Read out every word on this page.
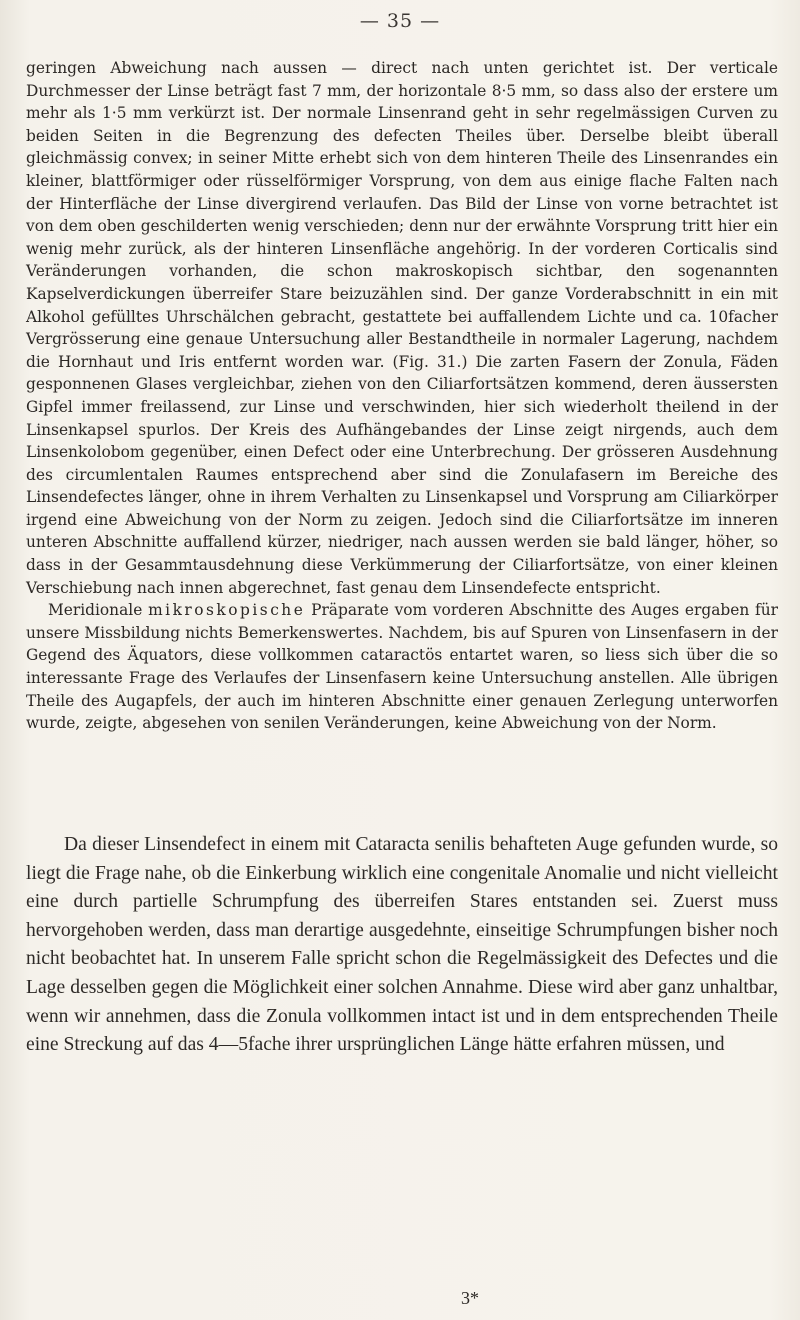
— 35 —

geringen Abweichung nach aussen — direct nach unten gerichtet ist. Der verticale Durchmesser der Linse beträgt fast 7 mm, der horizontale 8·5 mm, so dass also der erstere um mehr als 1·5 mm verkürzt ist. Der normale Linsenrand geht in sehr regelmässigen Curven zu beiden Seiten in die Begrenzung des defecten Theiles über. Derselbe bleibt überall gleichmässig convex; in seiner Mitte erhebt sich von dem hinteren Theile des Linsenrandes ein kleiner, blattförmiger oder rüsselförmiger Vorsprung, von dem aus einige flache Falten nach der Hinterfläche der Linse divergirend verlaufen. Das Bild der Linse von vorne betrachtet ist von dem oben geschilderten wenig verschieden; denn nur der erwähnte Vorsprung tritt hier ein wenig mehr zurück, als der hinteren Linsenfläche angehörig. In der vorderen Corticalis sind Veränderungen vorhanden, die schon makroskopisch sichtbar, den sogenannten Kapselverdickungen überreifer Stare beizuzählen sind. Der ganze Vorderabschnitt in ein mit Alkohol gefülltes Uhrschälchen gebracht, gestattete bei auffallendem Lichte und ca. 10facher Vergrösserung eine genaue Untersuchung aller Bestandtheile in normaler Lagerung, nachdem die Hornhaut und Iris entfernt worden war. (Fig. 31.) Die zarten Fasern der Zonula, Fäden gesponnenen Glases vergleichbar, ziehen von den Ciliarfortsätzen kommend, deren äussersten Gipfel immer freilassend, zur Linse und verschwinden, hier sich wiederholt theilend in der Linsenkapsel spurlos. Der Kreis des Aufhängebandes der Linse zeigt nirgends, auch dem Linsenkolobom gegenüber, einen Defect oder eine Unterbrechung. Der grösseren Ausdehnung des circumlentalen Raumes entsprechend aber sind die Zonulafasern im Bereiche des Linsendefectes länger, ohne in ihrem Verhalten zu Linsenkapsel und Vorsprung am Ciliarkörper irgend eine Abweichung von der Norm zu zeigen. Jedoch sind die Ciliarfortsätze im inneren unteren Abschnitte auffallend kürzer, niedriger, nach aussen werden sie bald länger, höher, so dass in der Gesammtausdehnung diese Verkümmerung der Ciliarfortsätze, von einer kleinen Verschiebung nach innen abgerechnet, fast genau dem Linsendefecte entspricht.

Meridionale mikroskopische Präparate vom vorderen Abschnitte des Auges ergaben für unsere Missbildung nichts Bemerkenswertes. Nachdem, bis auf Spuren von Linsenfasern in der Gegend des Äquators, diese vollkommen cataractös entartet waren, so liess sich über die so interessante Frage des Verlaufes der Linsenfasern keine Untersuchung anstellen. Alle übrigen Theile des Augapfels, der auch im hinteren Abschnitte einer genauen Zerlegung unterworfen wurde, zeigte, abgesehen von senilen Veränderungen, keine Abweichung von der Norm.

Da dieser Linsendefect in einem mit Cataracta senilis behafteten Auge gefunden wurde, so liegt die Frage nahe, ob die Einkerbung wirklich eine congenitale Anomalie und nicht vielleicht eine durch partielle Schrumpfung des überreifen Stares entstanden sei. Zuerst muss hervorgehoben werden, dass man derartige ausgedehnte, einseitige Schrumpfungen bisher noch nicht beobachtet hat. In unserem Falle spricht schon die Regelmässigkeit des Defectes und die Lage desselben gegen die Möglichkeit einer solchen Annahme. Diese wird aber ganz unhaltbar, wenn wir annehmen, dass die Zonula vollkommen intact ist und in dem entsprechenden Theile eine Streckung auf das 4—5fache ihrer ursprünglichen Länge hätte erfahren müssen, und

3*
